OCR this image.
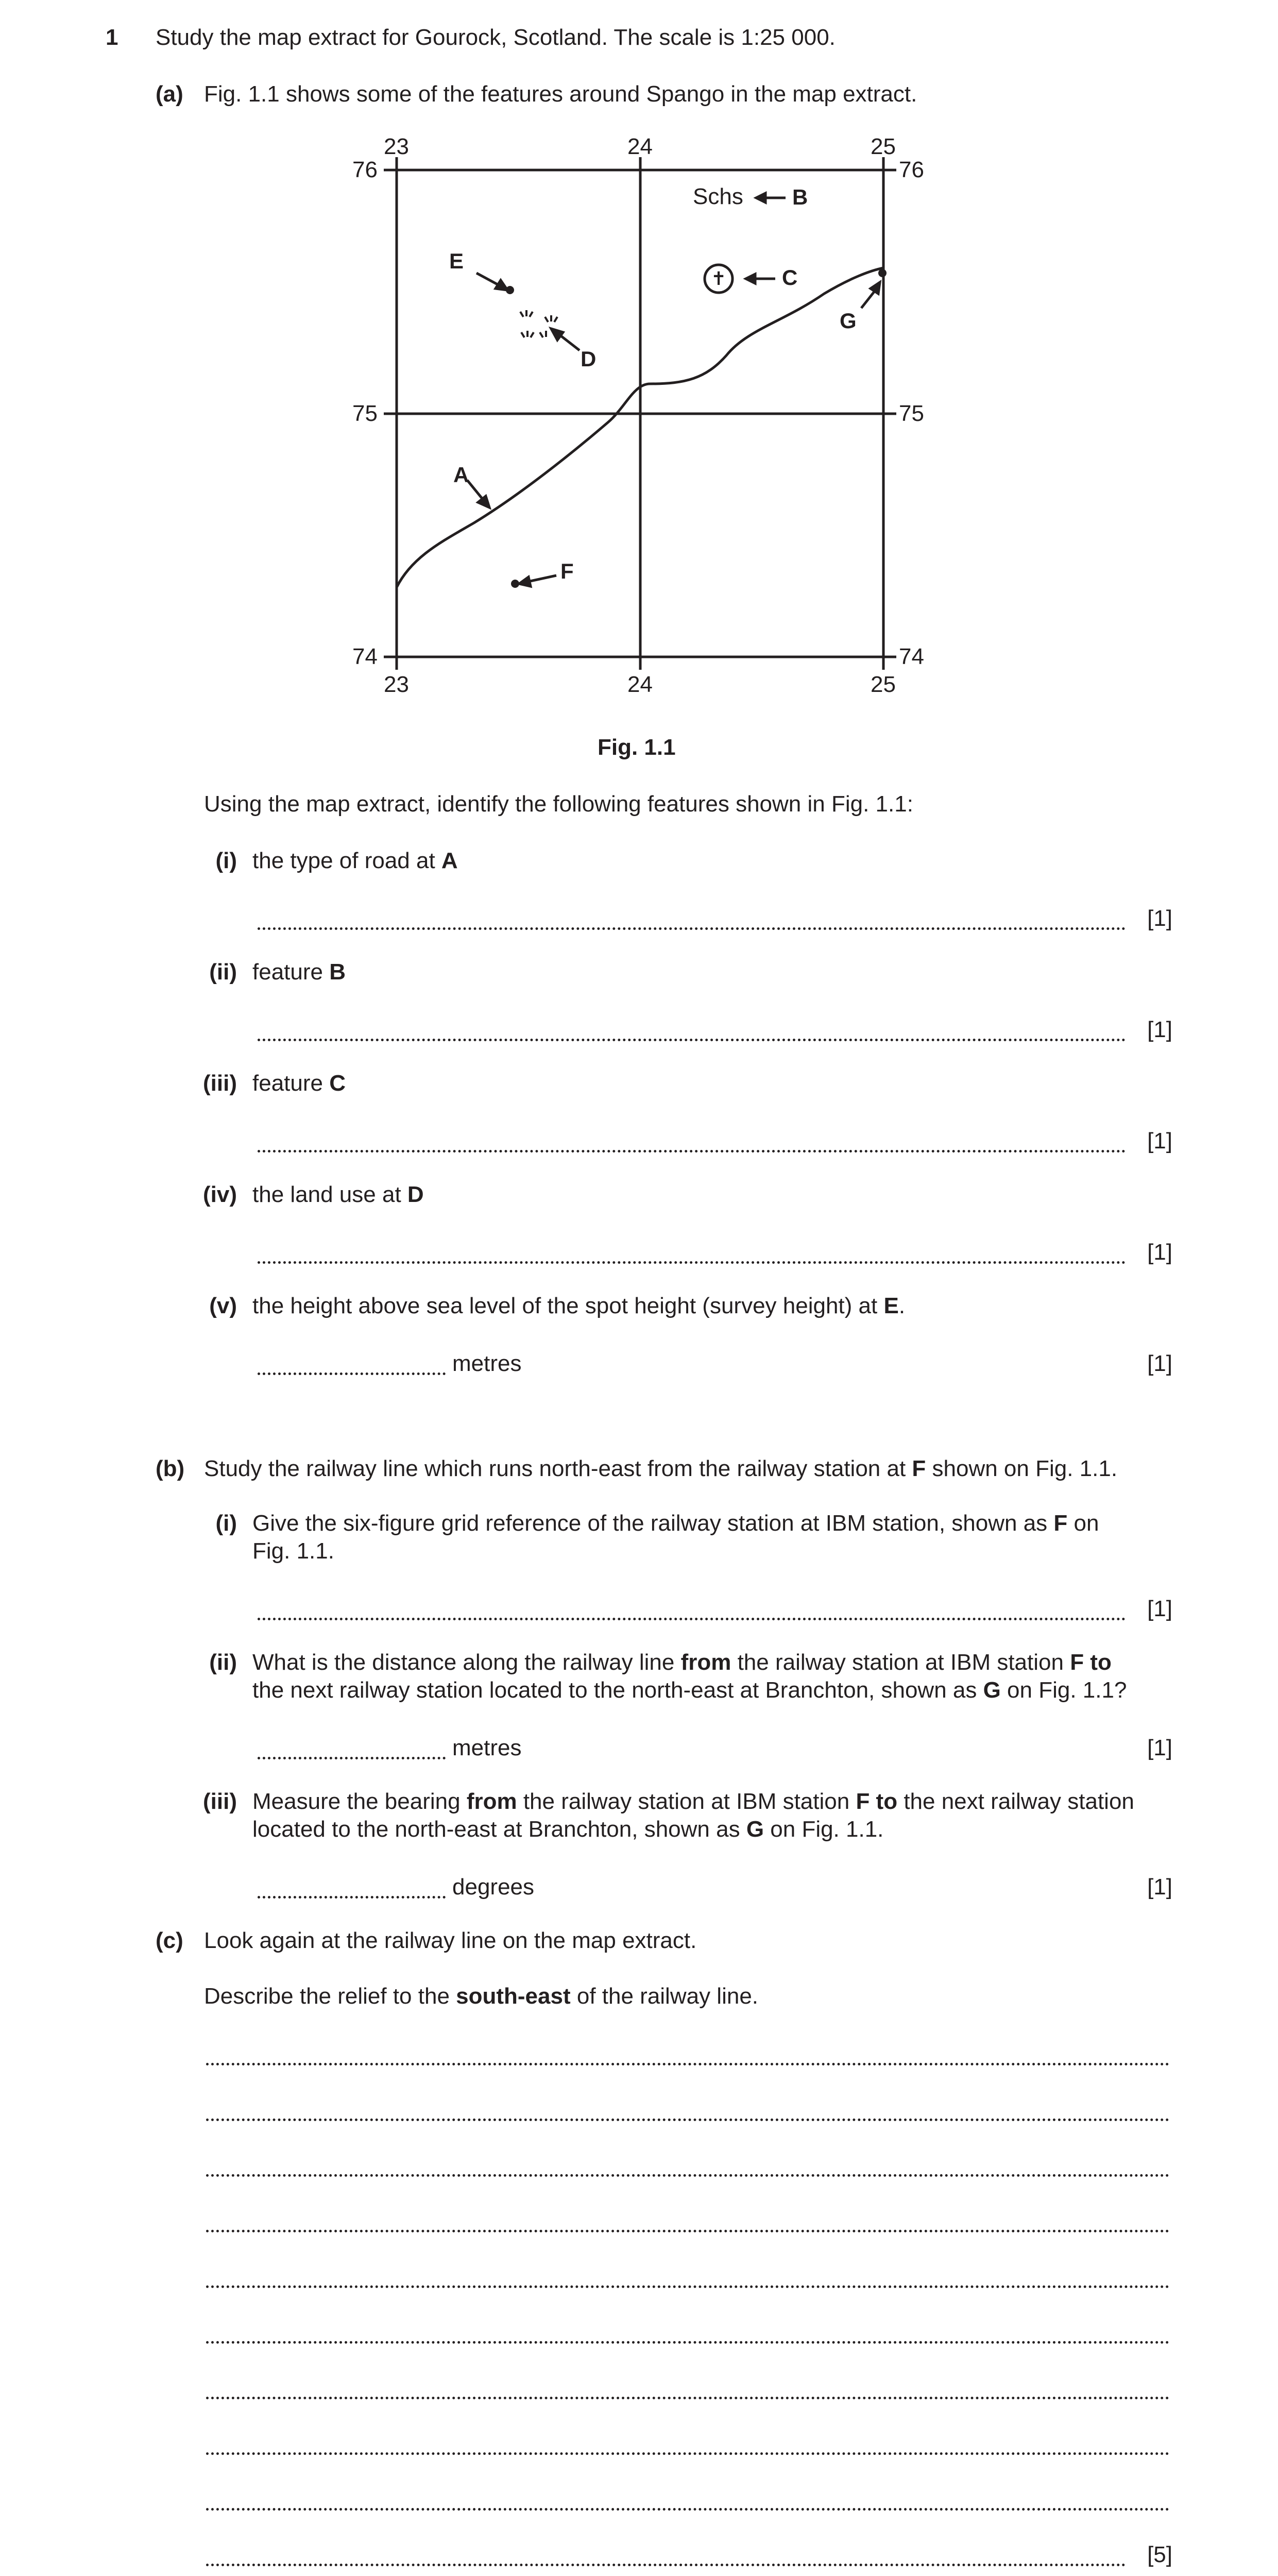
1 Study the map extract for Gourock, Scotland. The scale is 1:25 000.
(a) Fig. 1.1 shows some of the features around Spango in the map extract.
23	24	25
23	24	25
76
75
74
76
75
74
Schs B
C
E
D
G
A
F
✝
Fig. 1.1
Using the map extract, identify the following features shown in Fig. 1.1:
(i) the type of road at A
[1]
(ii) feature B
[1]
(iii) feature C
[1]
(iv) the land use at D
[1]
(v) the height above sea level of the spot height (survey height) at E.
metres	[1]
(b) Study the railway line which runs north-east from the railway station at F shown on Fig. 1.1.
(i) Give the six-figure grid reference of the railway station at IBM station, shown as F on
Fig. 1.1.
[1]
(ii) What is the distance along the railway line from the railway station at IBM station F to
the next railway station located to the north-east at Branchton, shown as G on Fig. 1.1?
metres	[1]
(iii) Measure the bearing from the railway station at IBM station F to the next railway station
located to the north-east at Branchton, shown as G on Fig. 1.1.
degrees	[1]
(c) Look again at the railway line on the map extract.
Describe the relief to the south-east of the railway line.
[5]
